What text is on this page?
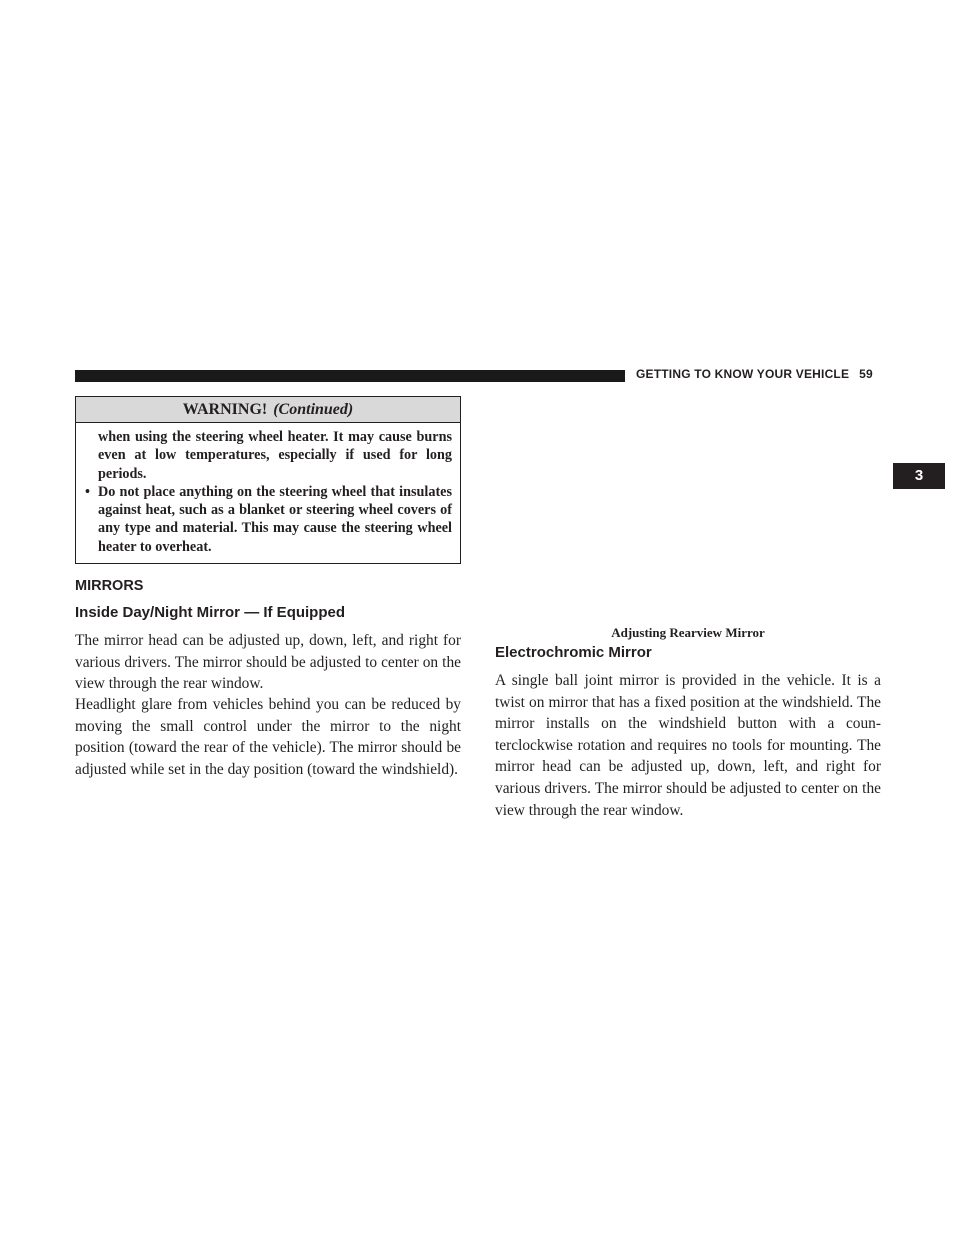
GETTING TO KNOW YOUR VEHICLE 59
3
WARNING! (Continued)
when using the steering wheel heater. It may cause burns even at low temperatures, especially if used for long periods.
• Do not place anything on the steering wheel that insulates against heat, such as a blanket or steering wheel covers of any type and material. This may cause the steering wheel heater to overheat.
MIRRORS
Inside Day/Night Mirror — If Equipped
The mirror head can be adjusted up, down, left, and right for various drivers. The mirror should be adjusted to center on the view through the rear window.
Headlight glare from vehicles behind you can be reduced by moving the small control under the mirror to the night position (toward the rear of the vehicle). The mirror should be adjusted while set in the day position (toward the windshield).
Adjusting Rearview Mirror
Electrochromic Mirror
A single ball joint mirror is provided in the vehicle. It is a twist on mirror that has a fixed position at the windshield. The mirror installs on the windshield button with a coun-terclockwise rotation and requires no tools for mounting. The mirror head can be adjusted up, down, left, and right for various drivers. The mirror should be adjusted to center on the view through the rear window.
